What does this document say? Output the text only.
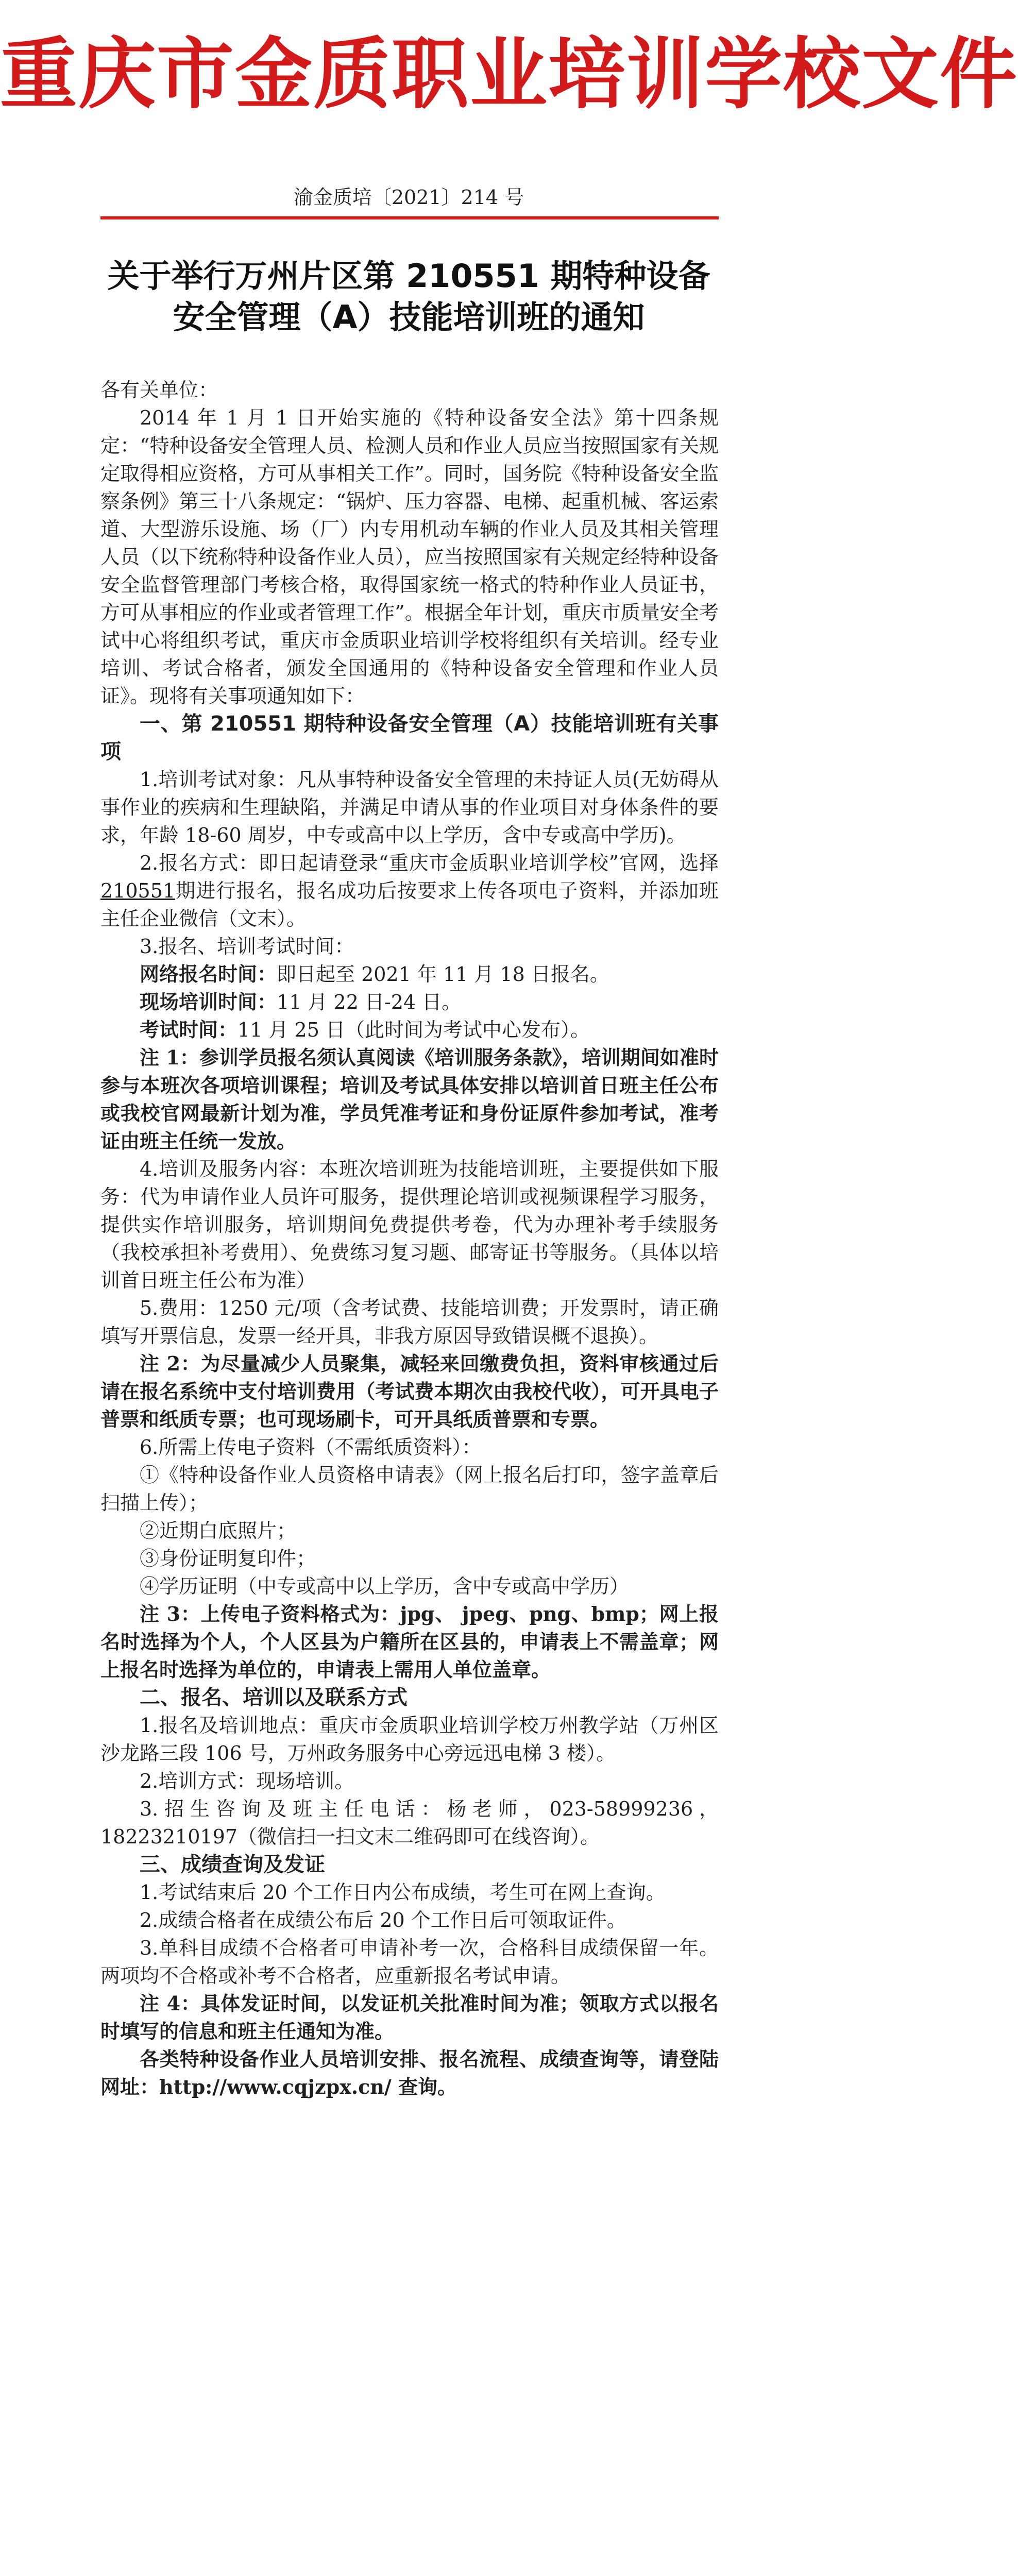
重庆市金质职业培训学校文件
渝金质培〔2021〕214 号
关于举行万州片区第 210551 期特种设备
安全管理（A）技能培训班的通知

各有关单位：

2014 年 1 月 1 日开始实施的《特种设备安全法》第十四条规定：“特种设备安全管理人员、检测人员和作业人员应当按照国家有关规定取得相应资格，方可从事相关工作”。同时，国务院《特种设备安全监察条例》第三十八条规定：“锅炉、压力容器、电梯、起重机械、客运索道、大型游乐设施、场（厂）内专用机动车辆的作业人员及其相关管理人员（以下统称特种设备作业人员），应当按照国家有关规定经特种设备安全监督管理部门考核合格，取得国家统一格式的特种作业人员证书，方可从事相应的作业或者管理工作”。根据全年计划，重庆市质量安全考试中心将组织考试，重庆市金质职业培训学校将组织有关培训。经专业培训、考试合格者，颁发全国通用的《特种设备安全管理和作业人员证》。现将有关事项通知如下：

一、第 210551 期特种设备安全管理（A）技能培训班有关事项

1.培训考试对象：凡从事特种设备安全管理的未持证人员(无妨碍从事作业的疾病和生理缺陷，并满足申请从事的作业项目对身体条件的要求，年龄 18-60 周岁，中专或高中以上学历，含中专或高中学历)。

2.报名方式：即日起请登录“重庆市金质职业培训学校”官网，选择210551期进行报名，报名成功后按要求上传各项电子资料，并添加班主任企业微信（文末）。

3.报名、培训考试时间：

网络报名时间：即日起至 2021 年 11 月 18 日报名。

现场培训时间：11 月 22 日-24 日。

考试时间：11 月 25 日（此时间为考试中心发布）。

注 1：参训学员报名须认真阅读《培训服务条款》，培训期间如准时参与本班次各项培训课程；培训及考试具体安排以培训首日班主任公布或我校官网最新计划为准，学员凭准考证和身份证原件参加考试，准考证由班主任统一发放。

4.培训及服务内容：本班次培训班为技能培训班，主要提供如下服务：代为申请作业人员许可服务，提供理论培训或视频课程学习服务，提供实作培训服务，培训期间免费提供考卷，代为办理补考手续服务（我校承担补考费用）、免费练习复习题、邮寄证书等服务。（具体以培训首日班主任公布为准）

5.费用：1250 元/项（含考试费、技能培训费；开发票时，请正确填写开票信息，发票一经开具，非我方原因导致错误概不退换）。

注 2：为尽量减少人员聚集，减轻来回缴费负担，资料审核通过后请在报名系统中支付培训费用（考试费本期次由我校代收），可开具电子普票和纸质专票；也可现场刷卡，可开具纸质普票和专票。

6.所需上传电子资料（不需纸质资料）：

①《特种设备作业人员资格申请表》（网上报名后打印，签字盖章后扫描上传）；

②近期白底照片；

③身份证明复印件；

④学历证明（中专或高中以上学历，含中专或高中学历）

注 3：上传电子资料格式为：jpg、 jpeg、png、bmp；网上报名时选择为个人，个人区县为户籍所在区县的，申请表上不需盖章；网上报名时选择为单位的，申请表上需用人单位盖章。

二、报名、培训以及联系方式

1.报名及培训地点：重庆市金质职业培训学校万州教学站（万州区沙龙路三段 106 号，万州政务服务中心旁远迅电梯 3 楼）。

2.培训方式：现场培训。

3.招生咨询及班主任电话：杨老师，023-58999236，18223210197（微信扫一扫文末二维码即可在线咨询）。

三、成绩查询及发证

1.考试结束后 20 个工作日内公布成绩，考生可在网上查询。

2.成绩合格者在成绩公布后 20 个工作日后可领取证件。

3.单科目成绩不合格者可申请补考一次，合格科目成绩保留一年。两项均不合格或补考不合格者，应重新报名考试申请。

注 4：具体发证时间，以发证机关批准时间为准；领取方式以报名时填写的信息和班主任通知为准。

各类特种设备作业人员培训安排、报名流程、成绩查询等，请登陆网址：http://www.cqjzpx.cn/ 查询。
